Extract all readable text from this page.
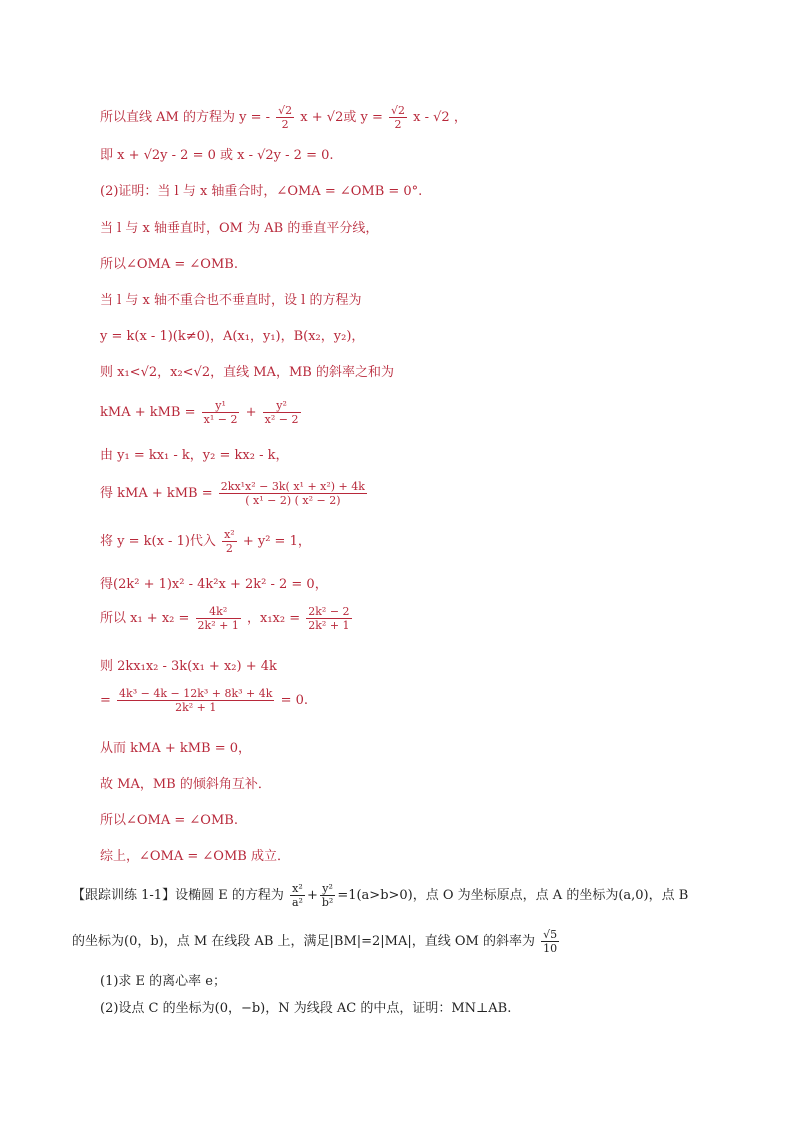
所以直线 AM 的方程为 y = - $\frac{√2}{2}$ x + √2或 $y = \frac{√2}{2}$ x - √2 ，
即 x + √2y - 2 = 0 或 x - √2y - 2 = 0.
(2)证明：当 l 与 x 轴重合时，∠OMA = ∠OMB = 0°.
当 l 与 x 轴垂直时，OM 为 AB 的垂直平分线，
所以∠OMA = ∠OMB.
当 l 与 x 轴不重合也不垂直时，设 l 的方程为
y = k(x - 1)(k≠0)，A(x₁，y₁)，B(x₂，y₂)，
则 x₁<√2，x₂<√2，直线 MA，MB 的斜率之和为
kMA + kMB = $\frac{\text{y¹}}{\text{x¹ − 2}} + \frac{\text{y²}}{\text{x² − 2}}$
由 y₁ = kx₁ - k，y₂ = kx₂ - k，
得 kMA + kMB = $\frac{\text{2kx¹x² − 3k( x¹ + x²) + 4k}}{\text{( x¹ − 2) ( x² − 2)}}$
将 y = k(x - 1)代入 $\frac{\text{x²}}{2} + y^2 = 1$，
得(2k² + 1)x² - 4k²x + 2k² - 2 = 0，
所以 $x_1 + x_2 = \frac{\text{4k²}}{\text{2k² + 1}}$ ，$x_1x_2 = \frac{\text{2k² − 2}}{\text{2k² + 1}}$
则 2kx₁x₂ - 3k(x₁ + x₂) + 4k
= $\frac{\text{4k³ − 4k − 12k³ + 8k³ + 4k}}{\text{2k² + 1}} = 0$.
从而 kMA + kMB = 0，
故 MA，MB 的倾斜角互补．
所以∠OMA = ∠OMB.
综上，∠OMA = ∠OMB 成立．
【跟踪训练 1-1】设椭圆 E 的方程为 $\frac{\text{x²}}{\text{a²}} + \frac{\text{y²}}{\text{b²}} =1(a>b>0)$，点 O 为坐标原点，点 A 的坐标为(a,0)，点 B
的坐标为(0，b)，点 M 在线段 AB 上，满足|BM|=2|MA|，直线 OM 的斜率为 $\frac{√5}{10}$
(1)求 E 的离心率 e；
(2)设点 C 的坐标为(0，−b)，N 为线段 AC 的中点，证明：MN⊥AB.
